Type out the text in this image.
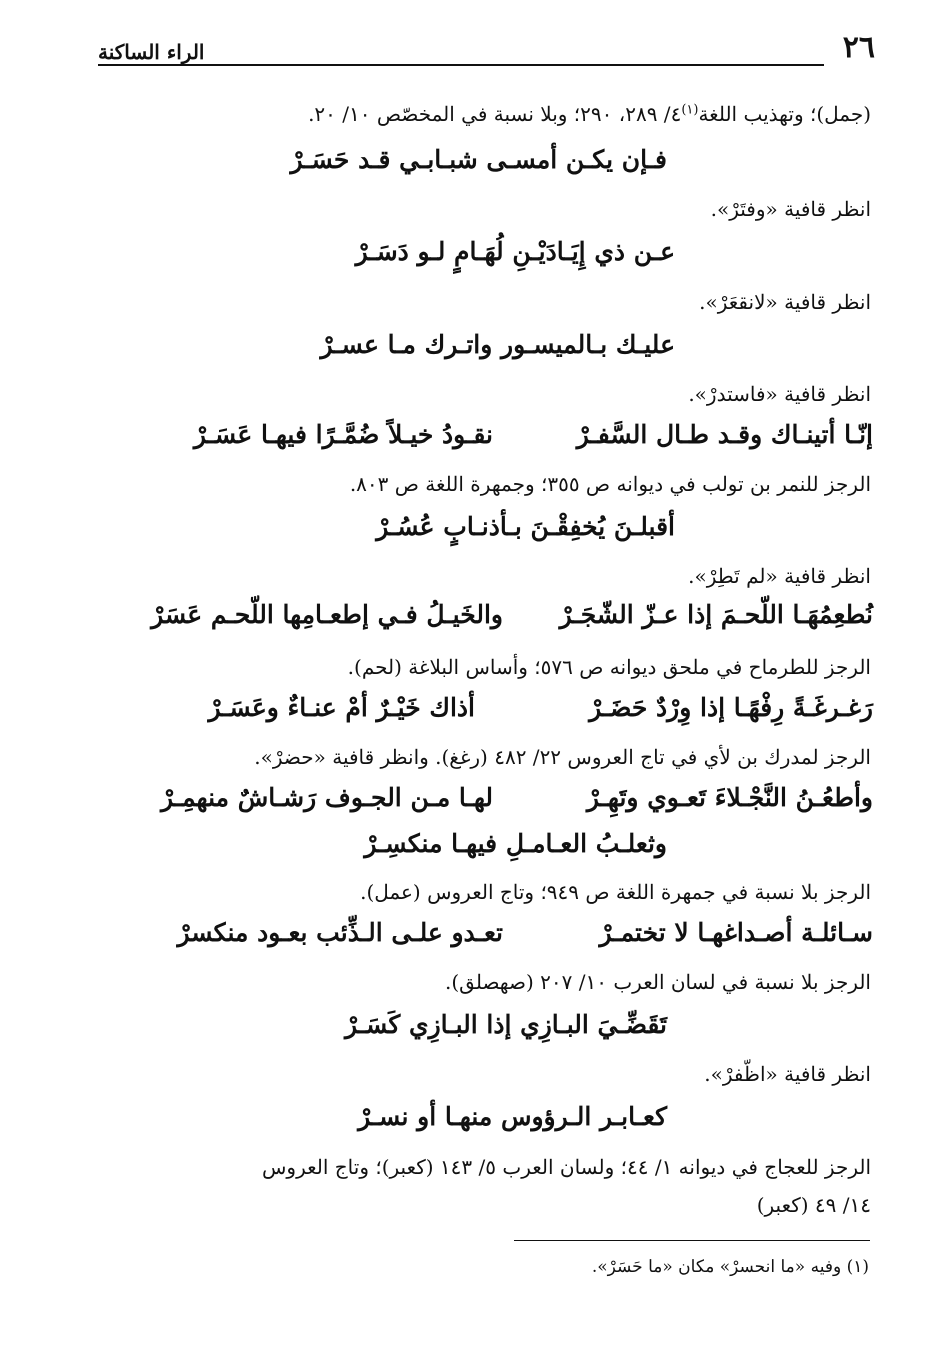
٢٦
الراء الساكنة
(جمل)؛ وتهذيب اللغة$^{(١)}$٤/ ٢٨٩، ٢٩٠؛ وبلا نسبة في المخصّص ١٠/ ٢٠.
فـإن يكـن أمسـى شبـابـي قـد حَسَـرْ
انظر قافية «وفتَرْ».
عـن ذي إِيَـادَيْـنِ لُهَـامٍ لـو دَسَـرْ
انظر قافية «لانقعَرْ».
عليـك بـالميسـور واتـرك مـا عسـرْ
انظر قافية «فاستدرْ».
إنّـا أتينـاك وقـد طـال السَّفـرْ
نقـودُ خيـلاً ضُمَّـرًا فيهـا عَسَـرْ
الرجز للنمر بن تولب في ديوانه ص ٣٥٥؛ وجمهرة اللغة ص ٨٠٣.
أقبلـنَ يُخفِقْـنَ بـأذنـابٍ عُسُـرْ
انظر قافية «لم تَطِرْ».
نُطعِمُهَـا اللّحـمَ إذا عـزّ الشّجَـرْ
والخَيـلُ فـي إطعـامِها اللّحـم عَسَرْ
الرجز للطرماح في ملحق ديوانه ص ٥٧٦؛ وأساس البلاغة (لحم).
رَغـرغَـةً رِفْهًـا إذا وِرْدٌ حَضَـرْ
أذاك خَيْـرٌ أمْ عنـاءٌ وعَسَـرْ
الرجز لمدرك بن لأي في تاج العروس ٢٢/ ٤٨٢ (رغغ). وانظر قافية «حضرْ».
وأطعُـنُ النَّجْـلاءَ تَعـوي وتَهِـرْ
لهـا مـن الجـوف رَشـاشٌ منهمِـرْ
وثعلـبُ العـامـلِ فيهـا منكسِـرْ
الرجز بلا نسبة في جمهرة اللغة ص ٩٤٩؛ وتاج العروس (عمل).
سـائلـة أصـداغهـا لا تختمـرْ
تعـدو علـى الـذِّئب بعـود منكسرْ
الرجز بلا نسبة في لسان العرب ١٠/ ٢٠٧ (صهصلق).
تَقَضِّـيَ البـازِي إذا البـازِي كَسَـرْ
انظر قافية «اظّفرْ».
كعـابـر الـرؤوس منهـا أو نسـرْ
الرجز للعجاج في ديوانه ١/ ٤٤؛ ولسان العرب ٥/ ١٤٣ (كعبر)؛ وتاج العروس
١٤/ ٤٩ (كعبر)
(١) وفيه «ما انحسرْ» مكان «ما حَسَرْ».
